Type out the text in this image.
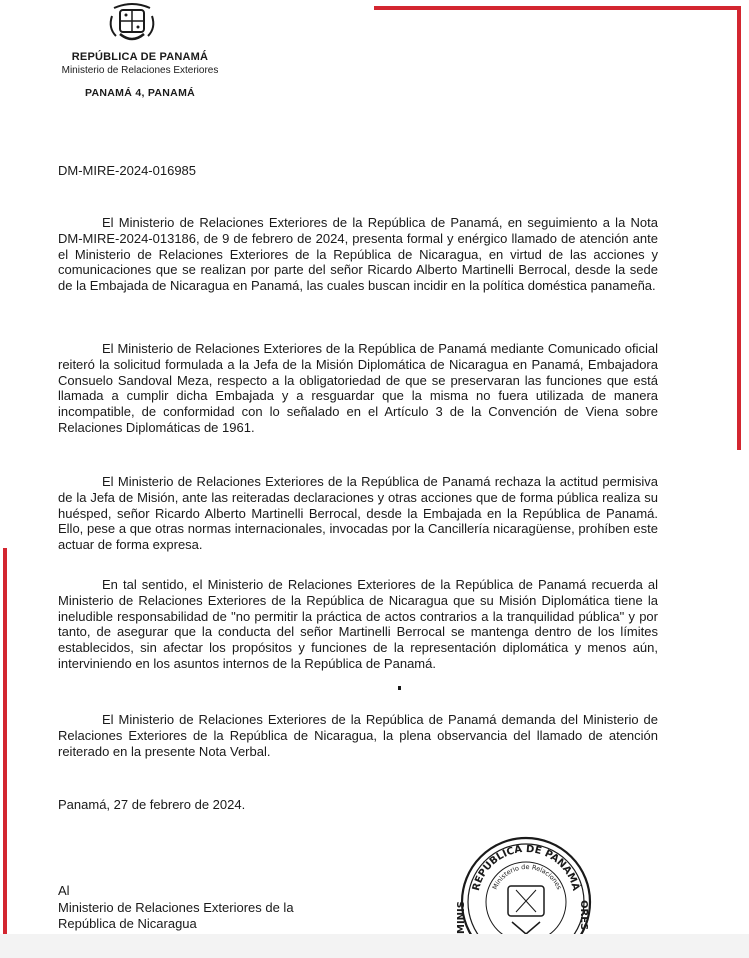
REPÚBLICA DE PANAMÁ
Ministerio de Relaciones Exteriores
PANAMÁ 4, PANAMÁ
DM-MIRE-2024-016985

El Ministerio de Relaciones Exteriores de la República de Panamá, en seguimiento a la Nota DM-MIRE-2024-013186, de 9 de febrero de 2024, presenta formal y enérgico llamado de atención ante el Ministerio de Relaciones Exteriores de la República de Nicaragua, en virtud de las acciones y comunicaciones que se realizan por parte del señor Ricardo Alberto Martinelli Berrocal, desde la sede de la Embajada de Nicaragua en Panamá, las cuales buscan incidir en la política doméstica panameña.

El Ministerio de Relaciones Exteriores de la República de Panamá mediante Comunicado oficial reiteró la solicitud formulada a la Jefa de la Misión Diplomática de Nicaragua en Panamá, Embajadora Consuelo Sandoval Meza, respecto a la obligatoriedad de que se preservaran las funciones que está llamada a cumplir dicha Embajada y a resguardar que la misma no fuera utilizada de manera incompatible, de conformidad con lo señalado en el Artículo 3 de la Convención de Viena sobre Relaciones Diplomáticas de 1961.

El Ministerio de Relaciones Exteriores de la República de Panamá rechaza la actitud permisiva de la Jefa de Misión, ante las reiteradas declaraciones y otras acciones que de forma pública realiza su huésped, señor Ricardo Alberto Martinelli Berrocal, desde la Embajada en la República de Panamá. Ello, pese a que otras normas internacionales, invocadas por la Cancillería nicaragüense, prohíben este actuar de forma expresa.

En tal sentido, el Ministerio de Relaciones Exteriores de la República de Panamá recuerda al Ministerio de Relaciones Exteriores de la República de Nicaragua que su Misión Diplomática tiene la ineludible responsabilidad de "no permitir la práctica de actos contrarios a la tranquilidad pública" y por tanto, de asegurar que la conducta del señor Martinelli Berrocal se mantenga dentro de los límites establecidos, sin afectar los propósitos y funciones de la representación diplomática y menos aún, interviniendo en los asuntos internos de la República de Panamá.

El Ministerio de Relaciones Exteriores de la República de Panamá demanda del Ministerio de Relaciones Exteriores de la República de Nicaragua, la plena observancia del llamado de atención reiterado en la presente Nota Verbal.

Panamá, 27 de febrero de 2024.
Al
Ministerio de Relaciones Exteriores de la
República de Nicaragua
REPÚBLICA DE PANAMÁ
Ministerio de Relaciones
MINIS	ORES
